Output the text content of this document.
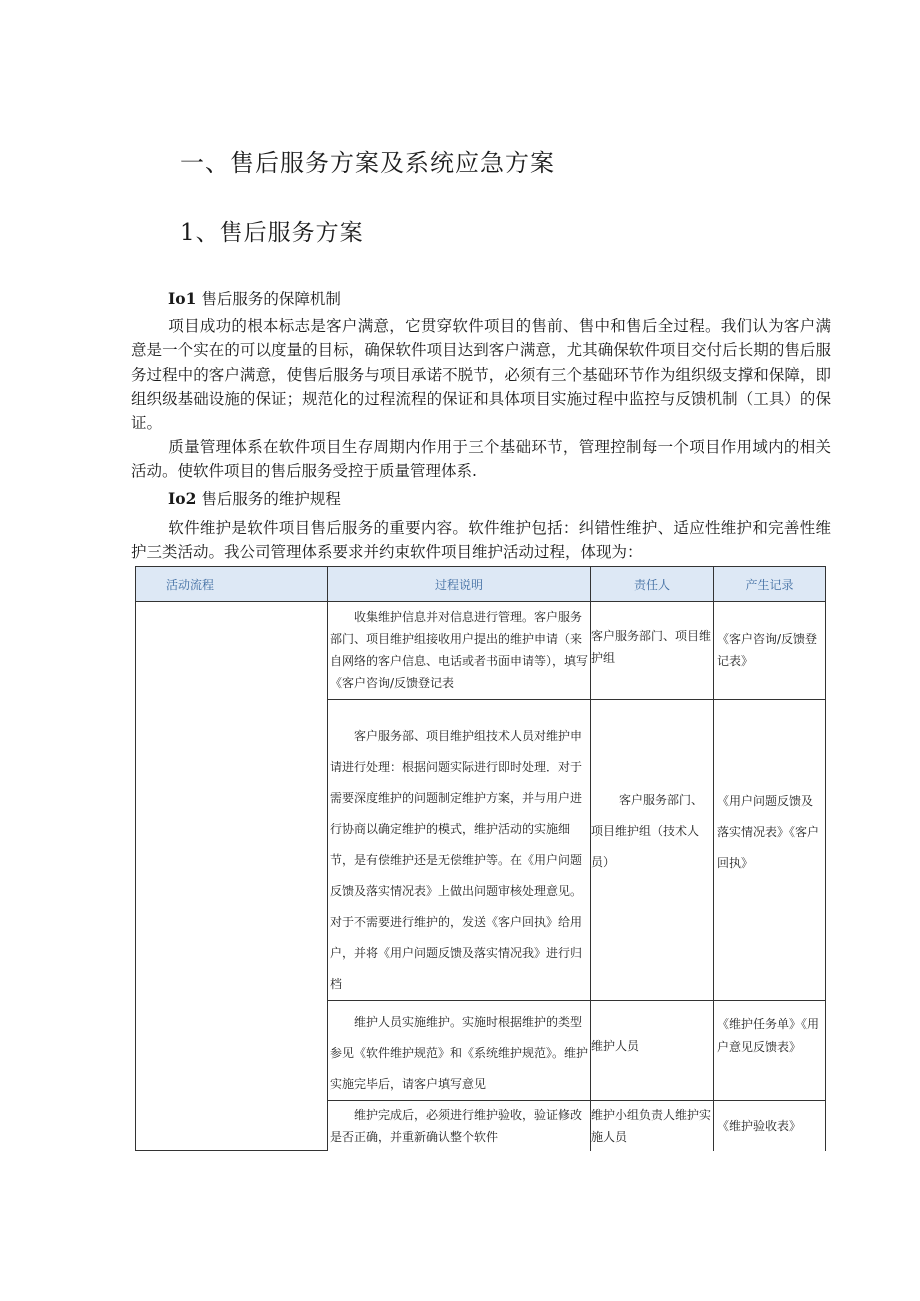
一、售后服务方案及系统应急方案
1、售后服务方案
Io1 售后服务的保障机制
项目成功的根本标志是客户满意，它贯穿软件项目的售前、售中和售后全过程。我们认为客户满意是一个实在的可以度量的目标，确保软件项目达到客户满意，尤其确保软件项目交付后长期的售后服务过程中的客户满意，使售后服务与项目承诺不脱节，必须有三个基础环节作为组织级支撑和保障，即组织级基础设施的保证；规范化的过程流程的保证和具体项目实施过程中监控与反馈机制（工具）的保证。
质量管理体系在软件项目生存周期内作用于三个基础环节，管理控制每一个项目作用域内的相关活动。使软件项目的售后服务受控于质量管理体系.
Io2 售后服务的维护规程
软件维护是软件项目售后服务的重要内容。软件维护包括：纠错性维护、适应性维护和完善性维护三类活动。我公司管理体系要求并约束软件项目维护活动过程，体现为：
活动流程	过程说明	责任人	产生记录
	收集维护信息并对信息进行管理。客户服务部门、项目维护组接收用户提出的维护申请（来自网络的客户信息、电话或者书面申请等），填写《客户咨询/反馈登记表	客户服务部门、项目维护组	《客户咨询/反馈登记表》
	客户服务部、项目维护组技术人员对维护申请进行处理：根据问题实际进行即时处理．对于需要深度维护的问题制定维护方案，并与用户进行协商以确定维护的模式，维护活动的实施细节，是有偿维护还是无偿维护等。在《用户问题反馈及落实情况表》上做出问题审核处理意见。对于不需要进行维护的，发送《客户回执》给用户，并将《用户问题反馈及落实情况我》进行归档	客户服务部门、项目维护组（技术人员）	《用户问题反馈及落实情况表》《客户回执》
	维护人员实施维护。实施时根据维护的类型参见《软件维护规范》和《系统维护规范》。维护实施完毕后，请客户填写意见	维护人员	《维护任务单》《用户意见反馈表》
	维护完成后，必须进行维护验收，验证修改是否正确，并重新确认整个软件	维护小组负责人维护实施人员	《维护验收表》
